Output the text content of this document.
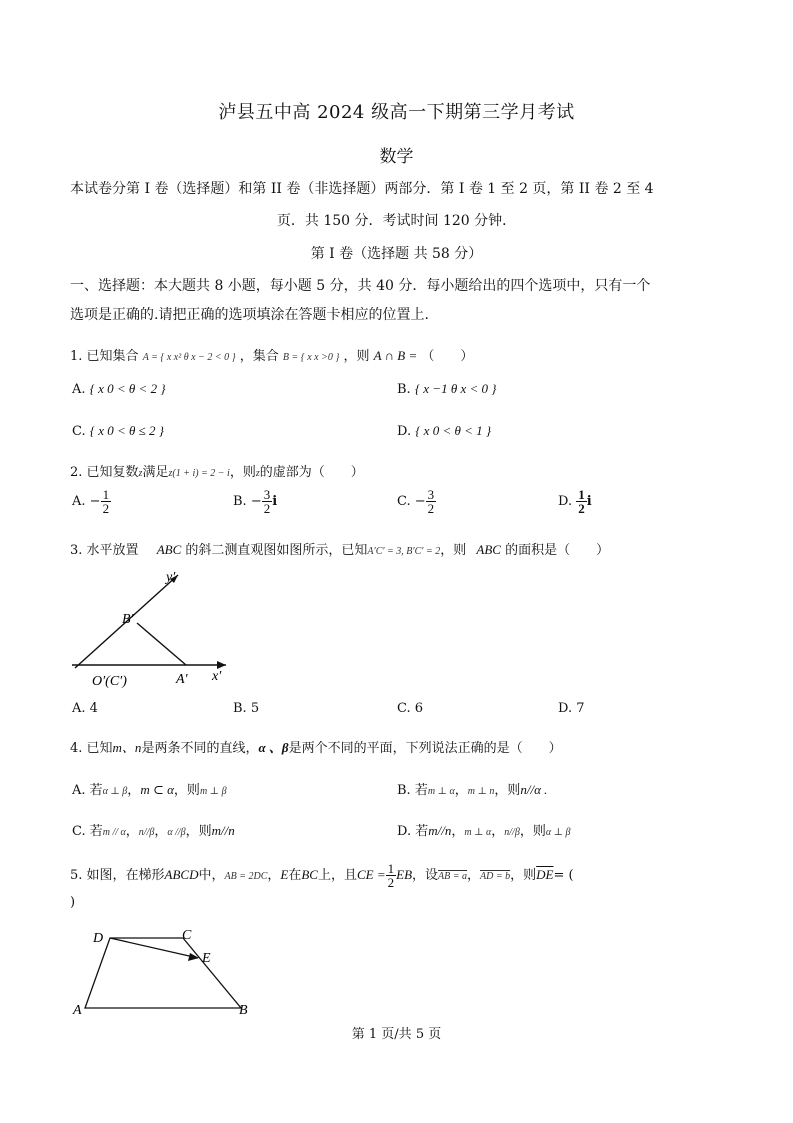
泸县五中高 2024 级高一下期第三学月考试
数学
本试卷分第 I 卷（选择题）和第 II 卷（非选择题）两部分．第 I 卷 1 至 2 页，第 II 卷 2 至 4
页．共 150 分．考试时间 120 分钟．
第 I 卷（选择题 共 58 分）
一、选择题：本大题共 8 小题，每小题 5 分，共 40 分．每小题给出的四个选项中，只有一个
选项是正确的.请把正确的选项填涂在答题卡相应的位置上.
1. 已知集合 A = { x x² θ x − 2 < 0 } ，集合 B = { x x >0 } ，则 A ∩ B = （　　）
A. { x 0 < θ < 2 }	B. { x −1 θ x < 0 }
C. { x 0 < θ ≤ 2 }	D. { x 0 < θ < 1 }
2. 已知复数z满足z(1 + i) = 2 − i，则z的虚部为（　　）
A. − $\frac{1}{2}$	B. − $\frac{3}{2}$ i	C. − $\frac{3}{2}$	D. $\frac{1}{2}$ i
3. 水平放置 ABC 的斜二测直观图如图所示，已知A′C′ = 3, B′C′ = 2，则 ABC 的面积是（　　）
y′
B′
x′
O′(C′)	A′
A. 4	B. 5	C. 6	D. 7
4. 已知m、n是两条不同的直线，α 、β是两个不同的平面，下列说法正确的是（　　）
A. 若α ⊥ β，m ⊂ α，则m ⊥ β	B. 若m ⊥ α，m ⊥ n，则n//α .
C. 若m // α，n//β，α //β，则m//n	D. 若m//n，m ⊥ α，n//β，则α ⊥ β
5. 如图，在梯形ABCD中，AB = 2DC，E在BC上，且CE = $\frac{1}{2}$ EB，设AB = a，AD = b，则$\overline{DE}=$ (
)
D	C
E
A	B
第 1 页/共 5 页
